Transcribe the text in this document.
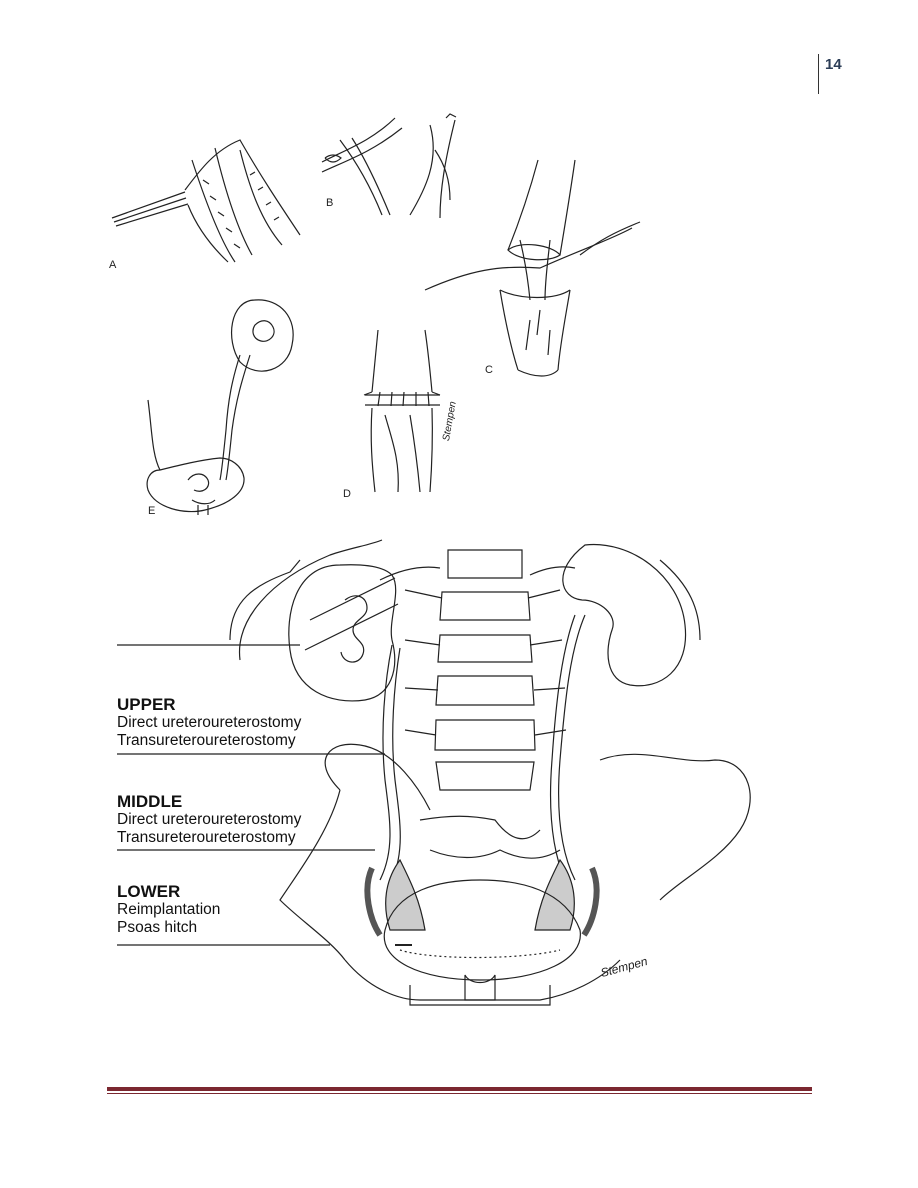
14
A
B
C
D
E
Stempen
Stempen
UPPER
Direct ureteroureterostomy
Transureteroureterostomy
MIDDLE
Direct ureteroureterostomy
Transureteroureterostomy
LOWER
Reimplantation
Psoas hitch
